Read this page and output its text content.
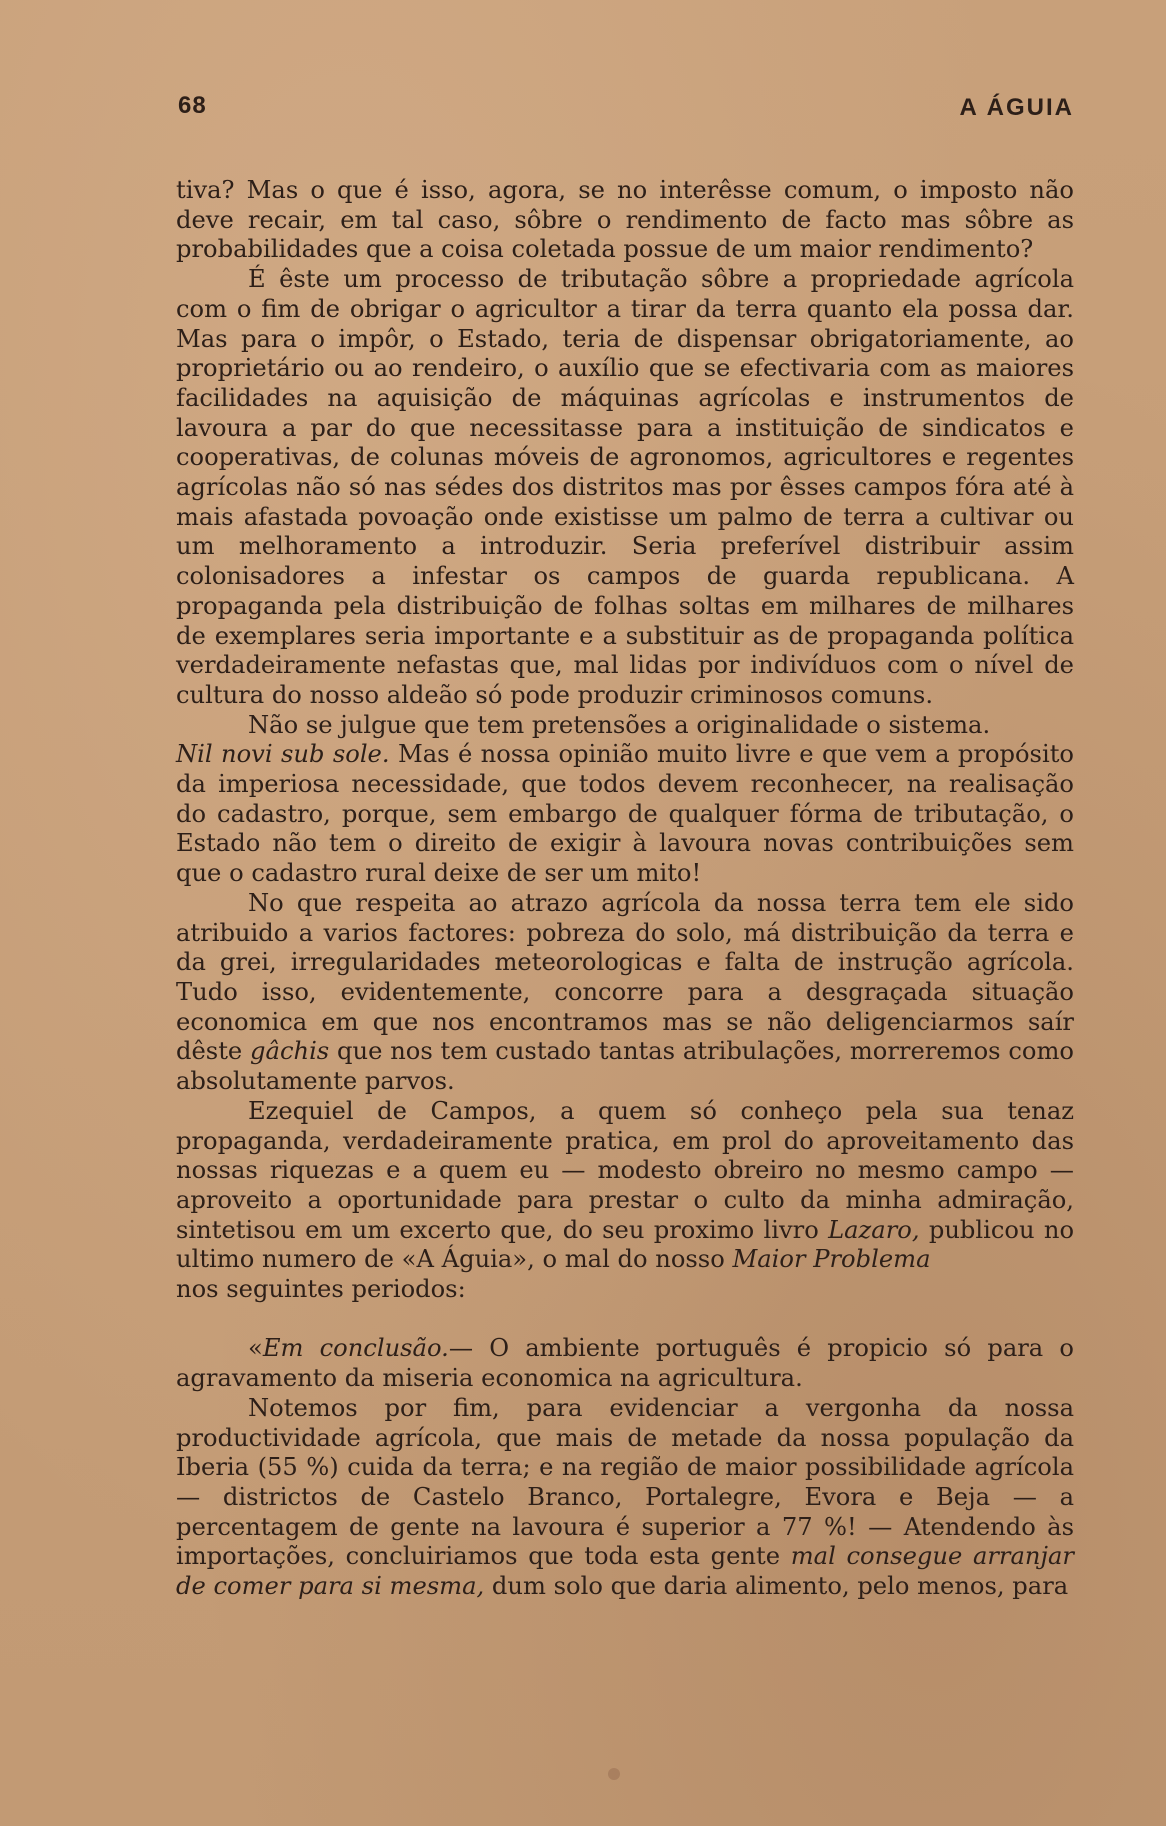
68	A ÁGUIA

tiva? Mas o que é isso, agora, se no interêsse comum, o imposto não deve recair, em tal caso, sôbre o rendimento de facto mas sôbre as probabilidades que a coisa coletada possue de um maior rendimento?

É êste um processo de tributação sôbre a propriedade agrícola com o fim de obrigar o agricultor a tirar da terra quanto ela possa dar. Mas para o impôr, o Estado, teria de dispensar obrigatoriamente, ao proprietário ou ao rendeiro, o auxílio que se efectivaria com as maiores facilidades na aquisição de máquinas agrícolas e instrumentos de lavoura a par do que necessitasse para a instituição de sindicatos e cooperativas, de colunas móveis de agronomos, agricultores e regentes agrícolas não só nas sédes dos distritos mas por êsses campos fóra até à mais afastada povoação onde existisse um palmo de terra a cultivar ou um melhoramento a introduzir. Seria preferível distribuir assim colonisadores a infestar os campos de guarda republicana. A propaganda pela distribuição de folhas soltas em milhares de milhares de exemplares seria importante e a substituir as de propaganda política verdadeiramente nefastas que, mal lidas por indivíduos com o nível de cultura do nosso aldeão só pode produzir criminosos comuns.

Não se julgue que tem pretensões a originalidade o sistema.
Nil novi sub sole. Mas é nossa opinião muito livre e que vem a propósito da imperiosa necessidade, que todos devem reconhecer, na realisação do cadastro, porque, sem embargo de qualquer fórma de tributação, o Estado não tem o direito de exigir à lavoura novas contribuições sem que o cadastro rural deixe de ser um mito!

No que respeita ao atrazo agrícola da nossa terra tem ele sido atribuido a varios factores: pobreza do solo, má distribuição da terra e da grei, irregularidades meteorologicas e falta de instrução agrícola. Tudo isso, evidentemente, concorre para a desgraçada situação economica em que nos encontramos mas se não deligenciarmos saír dêste gâchis que nos tem custado tantas atribulações, morreremos como absolutamente parvos.

Ezequiel de Campos, a quem só conheço pela sua tenaz propaganda, verdadeiramente pratica, em prol do aproveitamento das nossas riquezas e a quem eu — modesto obreiro no mesmo campo — aproveito a oportunidade para prestar o culto da minha admiração, sintetisou em um excerto que, do seu proximo livro Lazaro, publicou no ultimo numero de «A Águia», o mal do nosso Maior Problema
nos seguintes periodos:

«Em conclusão.— O ambiente português é propicio só para o agravamento da miseria economica na agricultura.

Notemos por fim, para evidenciar a vergonha da nossa productividade agrícola, que mais de metade da nossa população da Iberia (55 %) cuida da terra; e na região de maior possibilidade agrícola — districtos de Castelo Branco, Portalegre, Evora e Beja — a percentagem de gente na lavoura é superior a 77 %! — Atendendo às importações, concluiriamos que toda esta gente mal consegue arranjar de comer para si mesma, dum solo que daria alimento, pelo menos, para
